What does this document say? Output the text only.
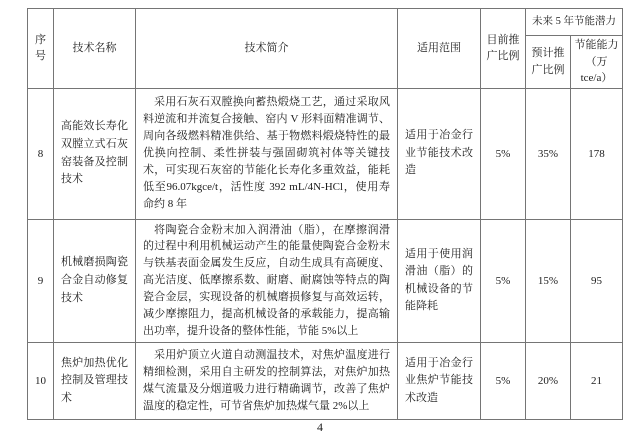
序号	技术名称	技术简介	适用范围	目前推广比例	未来 5 年节能潜力	
					预计推广比例	节能能力（万 tce/a）
8	高能效长寿化双膛立式石灰窑装备及控制技术	采用石灰石双膛换向蓄热煅烧工艺，通过采取风料逆流和并流复合接触、窑内 V 形料面精准调节、周向各级燃料精准供给、基于物燃料煅烧特性的最优换向控制、柔性拼装与强固砌筑衬体等关键技术，可实现石灰窑的节能化长寿化多重效益，能耗低至96.07kgce/t，活性度 392 mL/4N-HCl，使用寿命约 8 年	适用于冶金行业节能技术改造	5%	35%	178
9	机械磨损陶瓷合金自动修复技术	将陶瓷合金粉末加入润滑油（脂），在摩擦润滑的过程中利用机械运动产生的能量使陶瓷合金粉末与铁基表面金属发生反应，自动生成具有高硬度、高光洁度、低摩擦系数、耐磨、耐腐蚀等特点的陶瓷合金层，实现设备的机械磨损修复与高效运转，减少摩擦阻力，提高机械设备的承载能力，提高输出功率，提升设备的整体性能，节能 5%以上	适用于使用润滑油（脂）的机械设备的节能降耗	5%	15%	95
10	焦炉加热优化控制及管理技术	采用炉顶立火道自动测温技术，对焦炉温度进行精细检测，采用自主研发的控制算法，对焦炉加热煤气流量及分烟道吸力进行精确调节，改善了焦炉温度的稳定性，可节省焦炉加热煤气量 2%以上	适用于冶金行业焦炉节能技术改造	5%	20%	21
4
